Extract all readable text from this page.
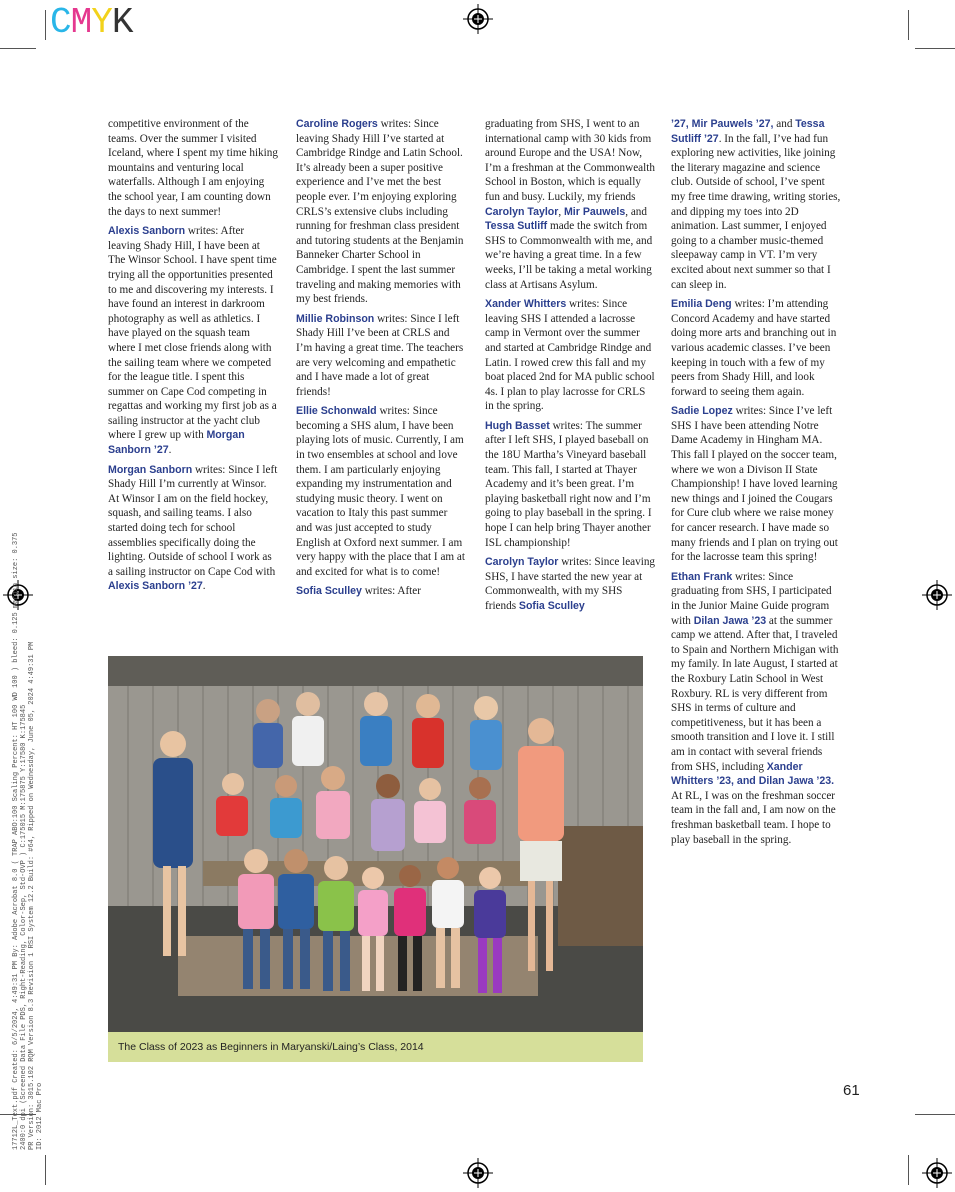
CMYK
17712L_Text.pdf Created: 6/5/2024, 4:49:31 PM By: Adobe Acrobat 8.0 ( TRAP ABO:100 Scaling Percent: HT 100 WD 100 ) bleed: 0.125 margin size: 0.375
2400:0 dpi (Screened Data File PDS, Right-Reading, Color-Sep, Std-OVP ) C:175015 M:175875 Y:17580 K:175845
PR Version: 3015.102 RQM Version 8.3 Revision 1 RSI System 12.2 Build: #64, Ripped on Wednesday, June 05, 2024 4:49:31 PM
ID: 2012 Mac Pro

competitive environment of the teams. Over the summer I visited Iceland, where I spent my time hiking mountains and venturing local waterfalls. Although I am enjoying the school year, I am counting down the days to next summer!

Alexis Sanborn writes: After leaving Shady Hill, I have been at The Winsor School. I have spent time trying all the opportunities presented to me and discovering my interests. I have found an interest in darkroom photography as well as athletics. I have played on the squash team where I met close friends along with the sailing team where we competed for the league title. I spent this summer on Cape Cod competing in regattas and working my first job as a sailing instructor at the yacht club where I grew up with Morgan Sanborn ’27.

Morgan Sanborn writes: Since I left Shady Hill I’m currently at Winsor. At Winsor I am on the field hockey, squash, and sailing teams. I also started doing tech for school assemblies specifically doing the lighting. Outside of school I work as a sailing instructor on Cape Cod with Alexis Sanborn ’27.

Caroline Rogers writes: Since leaving Shady Hill I’ve started at Cambridge Rindge and Latin School. It’s already been a super positive experience and I’ve met the best people ever. I’m enjoying exploring CRLS’s extensive clubs including running for freshman class president and tutoring students at the Benjamin Banneker Charter School in Cambridge. I spent the last summer traveling and making memories with my best friends.

Millie Robinson writes: Since I left Shady Hill I’ve been at CRLS and I’m having a great time. The teachers are very welcoming and empathetic and I have made a lot of great friends!

Ellie Schonwald writes: Since becoming a SHS alum, I have been playing lots of music. Currently, I am in two ensembles at school and love them. I am particularly enjoying expanding my instrumentation and studying music theory. I went on vacation to Italy this past summer and was just accepted to study English at Oxford next summer. I am very happy with the place that I am at and excited for what is to come!

Sofia Sculley writes: After

graduating from SHS, I went to an international camp with 30 kids from around Europe and the USA! Now, I’m a freshman at the Commonwealth School in Boston, which is equally fun and busy. Luckily, my friends Carolyn Taylor, Mir Pauwels, and Tessa Sutliff made the switch from SHS to Commonwealth with me, and we’re having a great time. In a few weeks, I’ll be taking a metal working class at Artisans Asylum.

Xander Whitters writes: Since leaving SHS I attended a lacrosse camp in Vermont over the summer and started at Cambridge Rindge and Latin. I rowed crew this fall and my boat placed 2nd for MA public school 4s. I plan to play lacrosse for CRLS in the spring.

Hugh Basset writes: The summer after I left SHS, I played baseball on the 18U Martha’s Vineyard baseball team. This fall, I started at Thayer Academy and it’s been great. I’m playing basketball right now and I’m going to play baseball in the spring. I hope I can help bring Thayer another ISL championship!

Carolyn Taylor writes: Since leaving SHS, I have started the new year at Commonwealth, with my SHS friends Sofia Sculley

’27, Mir Pauwels ’27, and Tessa Sutliff ’27. In the fall, I’ve had fun exploring new activities, like joining the literary magazine and science club. Outside of school, I’ve spent my free time drawing, writing stories, and dipping my toes into 2D animation. Last summer, I enjoyed going to a chamber music-themed sleepaway camp in VT. I’m very excited about next summer so that I can sleep in.

Emilia Deng writes: I’m attending Concord Academy and have started doing more arts and branching out in various academic classes. I’ve been keeping in touch with a few of my peers from Shady Hill, and look forward to seeing them again.

Sadie Lopez writes: Since I’ve left SHS I have been attending Notre Dame Academy in Hingham MA. This fall I played on the soccer team, where we won a Divison II State Championship! I have loved learning new things and I joined the Cougars for Cure club where we raise money for cancer research. I have made so many friends and I plan on trying out for the lacrosse team this spring!

Ethan Frank writes: Since graduating from SHS, I participated in the Junior Maine Guide program with Dilan Jawa ’23 at the summer camp we attend. After that, I traveled to Spain and Northern Michigan with my family. In late August, I started at the Roxbury Latin School in West Roxbury. RL is very different from SHS in terms of culture and competitiveness, but it has been a smooth transition and I love it. I still am in contact with several friends from SHS, including Xander Whitters ’23, and Dilan Jawa ’23. At RL, I was on the freshman soccer team in the fall and, I am now on the freshman basketball team. I hope to play baseball in the spring.

The Class of 2023 as Beginners in Maryanski/Laing’s Class, 2014
61
